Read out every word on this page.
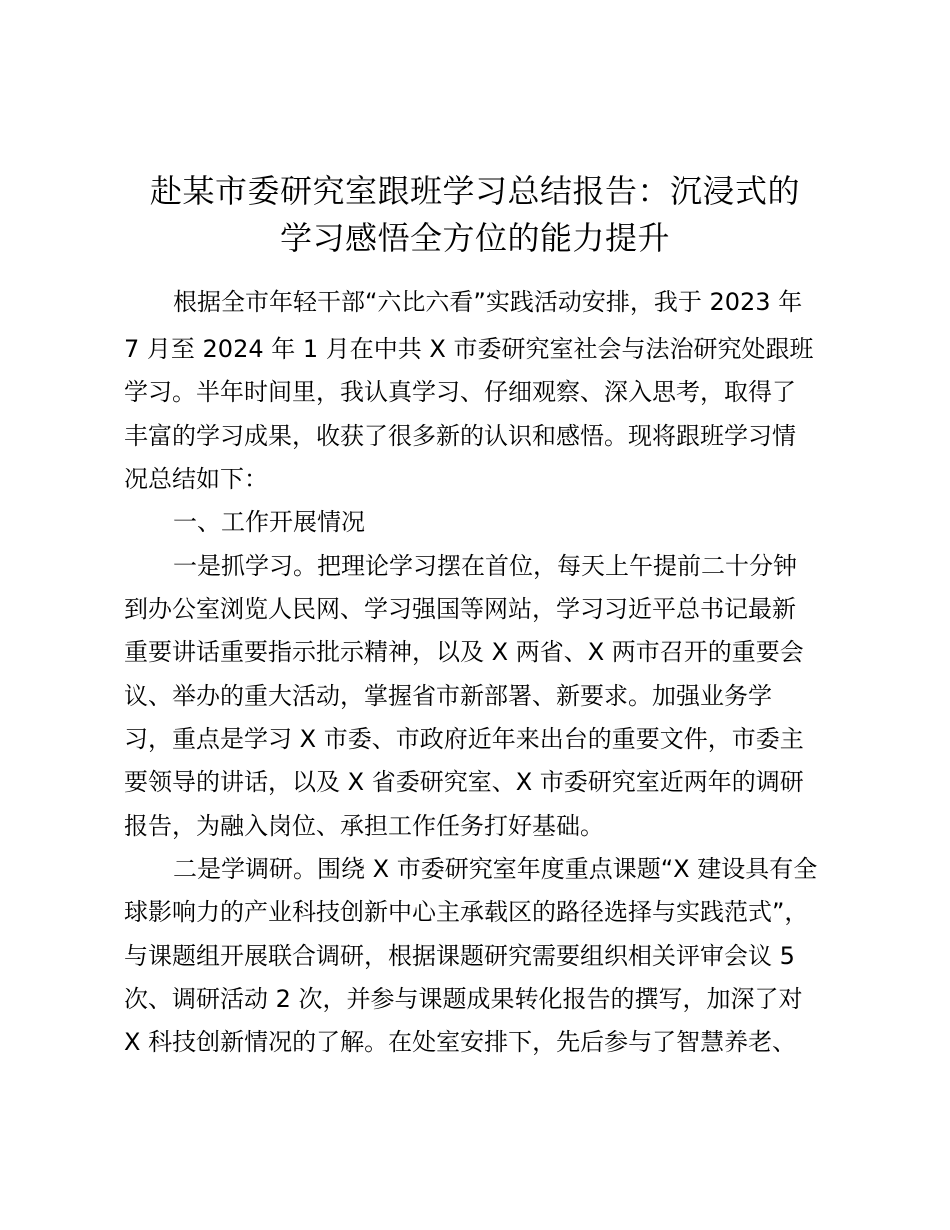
赴某市委研究室跟班学习总结报告：沉浸式的
学习感悟全方位的能力提升
根据全市年轻干部“六比六看”实践活动安排，我于 2023 年
7 月至 2024 年 1 月在中共 X 市委研究室社会与法治研究处跟班
学习。半年时间里，我认真学习、仔细观察、深入思考，取得了
丰富的学习成果，收获了很多新的认识和感悟。现将跟班学习情
况总结如下：
一、工作开展情况
一是抓学习。把理论学习摆在首位，每天上午提前二十分钟
到办公室浏览人民网、学习强国等网站，学习习近平总书记最新
重要讲话重要指示批示精神，以及 X 两省、X 两市召开的重要会
议、举办的重大活动，掌握省市新部署、新要求。加强业务学
习，重点是学习 X 市委、市政府近年来出台的重要文件，市委主
要领导的讲话，以及 X 省委研究室、X 市委研究室近两年的调研
报告，为融入岗位、承担工作任务打好基础。
二是学调研。围绕 X 市委研究室年度重点课题“X 建设具有全
球影响力的产业科技创新中心主承载区的路径选择与实践范式”，
与课题组开展联合调研，根据课题研究需要组织相关评审会议 5
次、调研活动 2 次，并参与课题成果转化报告的撰写，加深了对
X 科技创新情况的了解。在处室安排下，先后参与了智慧养老、
